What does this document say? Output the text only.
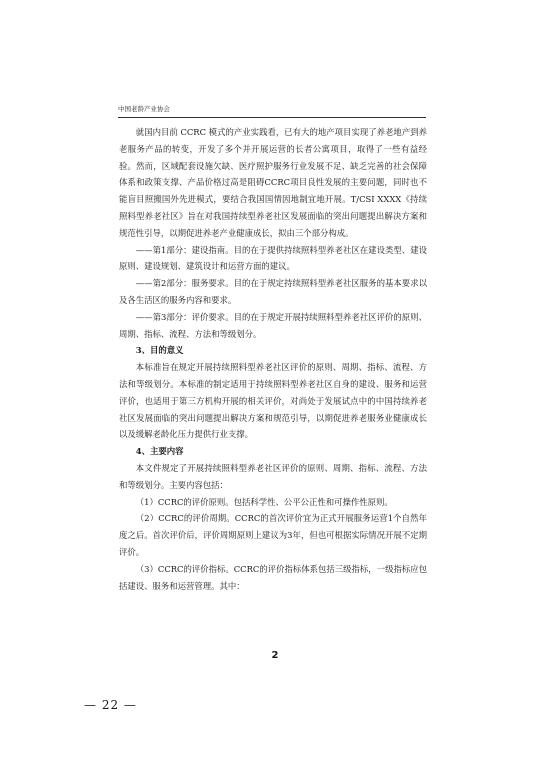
中国老龄产业协会

就国内目前 CCRC 模式的产业实践看，已有大的地产项目实现了养老地产到养老服务产品的转变，开发了多个并开展运营的长者公寓项目，取得了一些有益经验。然而，区域配套设施欠缺、医疗照护服务行业发展不足、缺乏完善的社会保障体系和政策支撑、产品价格过高是阻碍CCRC项目良性发展的主要问题，同时也不能盲目照搬国外先进模式，要结合我国国情因地制宜地开展。T/CSI XXXX《持续照料型养老社区》旨在对我国持续型养老社区发展面临的突出问题提出解决方案和规范性引导，以期促进养老产业健康成长，拟由三个部分构成。

——第1部分：建设指南。目的在于提供持续照料型养老社区在建设类型、建设原则、建设规划、建筑设计和运营方面的建议。

——第2部分：服务要求。目的在于规定持续照料型养老社区服务的基本要求以及各生活区的服务内容和要求。

——第3部分：评价要求。目的在于规定开展持续照料型养老社区评价的原则、周期、指标、流程、方法和等级划分。

3、目的意义

本标准旨在规定开展持续照料型养老社区评价的原则、周期、指标、流程、方法和等级划分。本标准的制定适用于持续照料型养老社区自身的建设、服务和运营评价，也适用于第三方机构开展的相关评价，对尚处于发展试点中的中国持续养老社区发展面临的突出问题提出解决方案和规范引导，以期促进养老服务业健康成长以及缓解老龄化压力提供行业支撑。

4、主要内容

本文件规定了开展持续照料型养老社区评价的原则、周期、指标、流程、方法和等级划分。主要内容包括：

（1）CCRC的评价原则。包括科学性、公平公正性和可操作性原则。

（2）CCRC的评价周期。CCRC的首次评价宜为正式开展服务运营1个自然年度之后。首次评价后，评价周期原则上建议为3年，但也可根据实际情况开展不定期评价。

（3）CCRC的评价指标。CCRC的评价指标体系包括三级指标，一级指标应包括建设、服务和运营管理。其中：

2
— 22 —
